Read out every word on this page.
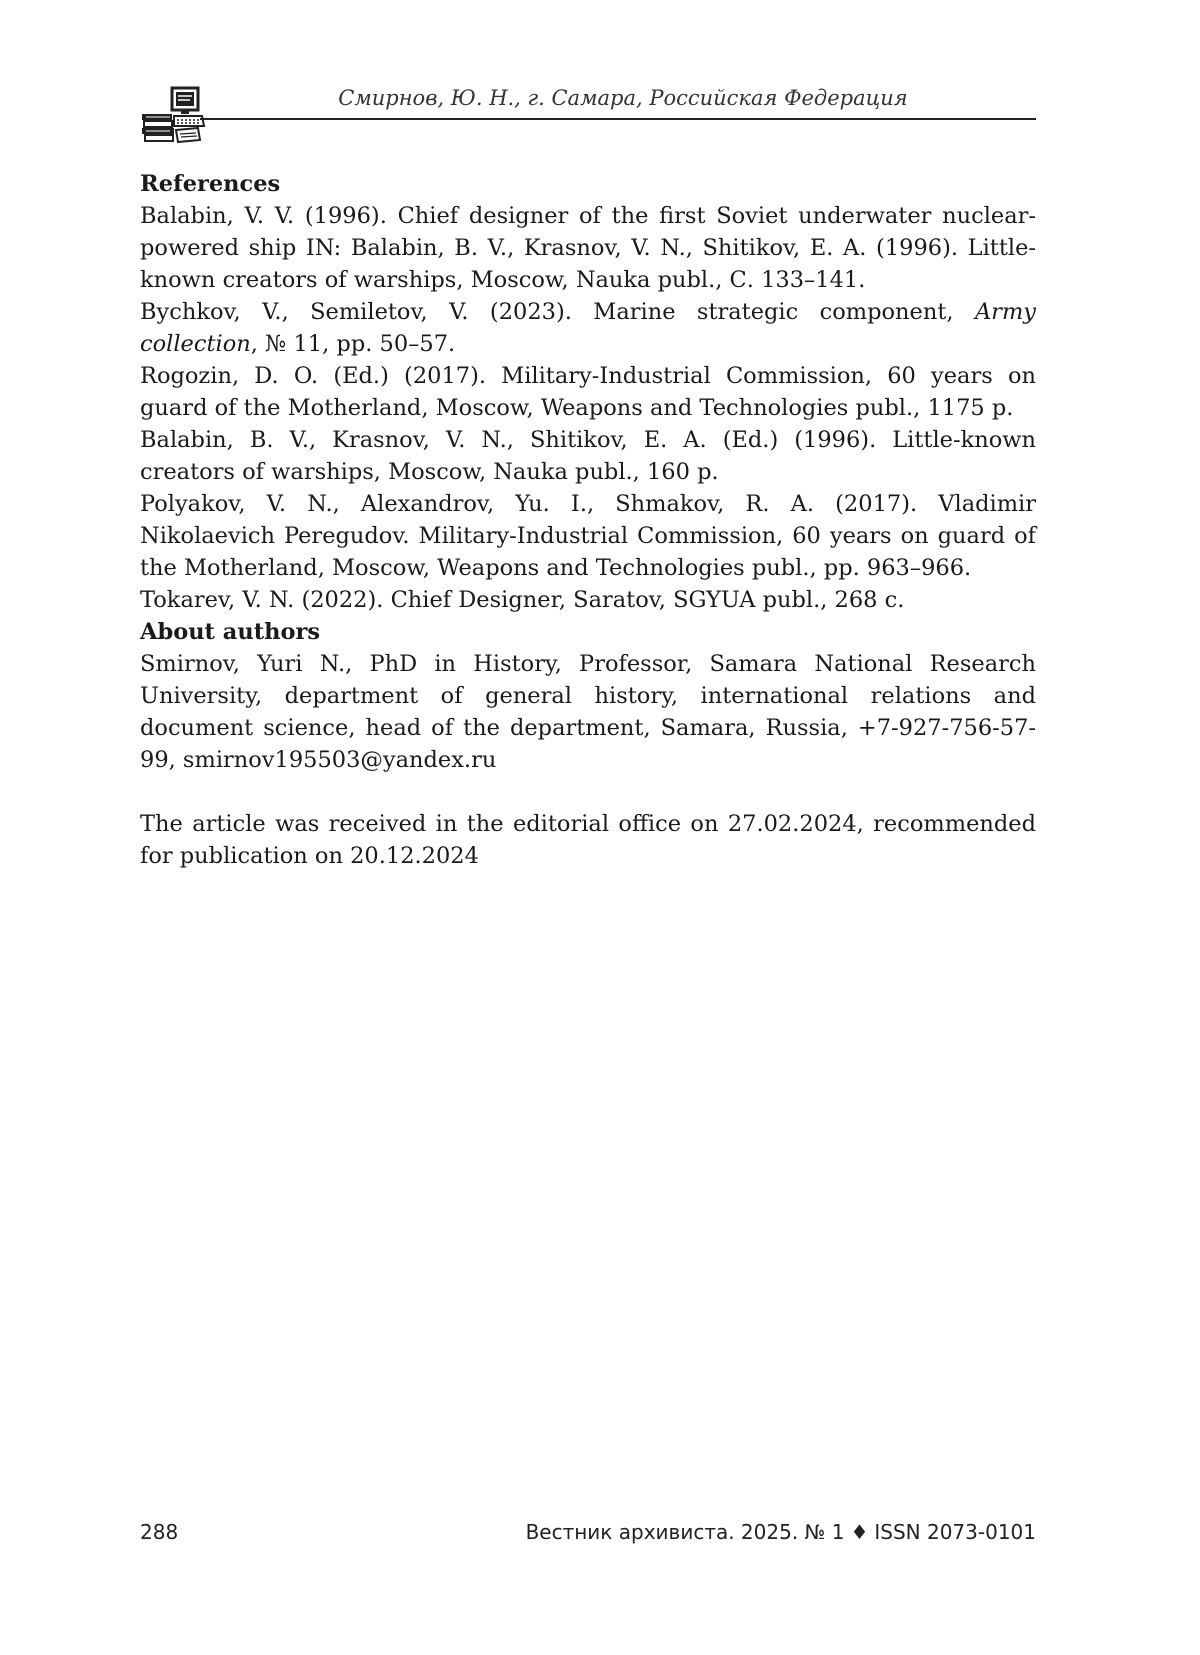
Смирнов, Ю. Н., г. Самара, Российская Федерация

References

Balabin, V. V. (1996). Chief designer of the first Soviet underwater nuclear-powered ship IN: Balabin, B. V., Krasnov, V. N., Shitikov, E. A. (1996). Little-known creators of warships, Moscow, Nauka publ., С. 133–141.

Bychkov, V., Semiletov, V. (2023). Marine strategic component, Army collection, № 11, pp. 50–57.

Rogozin, D. O. (Ed.) (2017). Military-Industrial Commission, 60 years on guard of the Motherland, Moscow, Weapons and Technologies publ., 1175 p.

Balabin, B. V., Krasnov, V. N., Shitikov, E. A. (Ed.) (1996). Little-known creators of warships, Moscow, Nauka publ., 160 p.

Polyakov, V. N., Alexandrov, Yu. I., Shmakov, R. A. (2017). Vladimir Nikolaevich Peregudov. Military-Industrial Commission, 60 years on guard of the Motherland, Moscow, Weapons and Technologies publ., pp. 963–966.

Tokarev, V. N. (2022). Chief Designer, Saratov, SGYUA publ., 268 с.

About authors

Smirnov, Yuri N., PhD in History, Professor, Samara National Research University, department of general history, international relations and document science, head of the department, Samara, Russia, +7-927-756-57-99, smirnov195503@yandex.ru

The article was received in the editorial office on 27.02.2024, recommended for publication on 20.12.2024

288	Вестник архивиста. 2025. № 1 ♦ ISSN 2073-0101
